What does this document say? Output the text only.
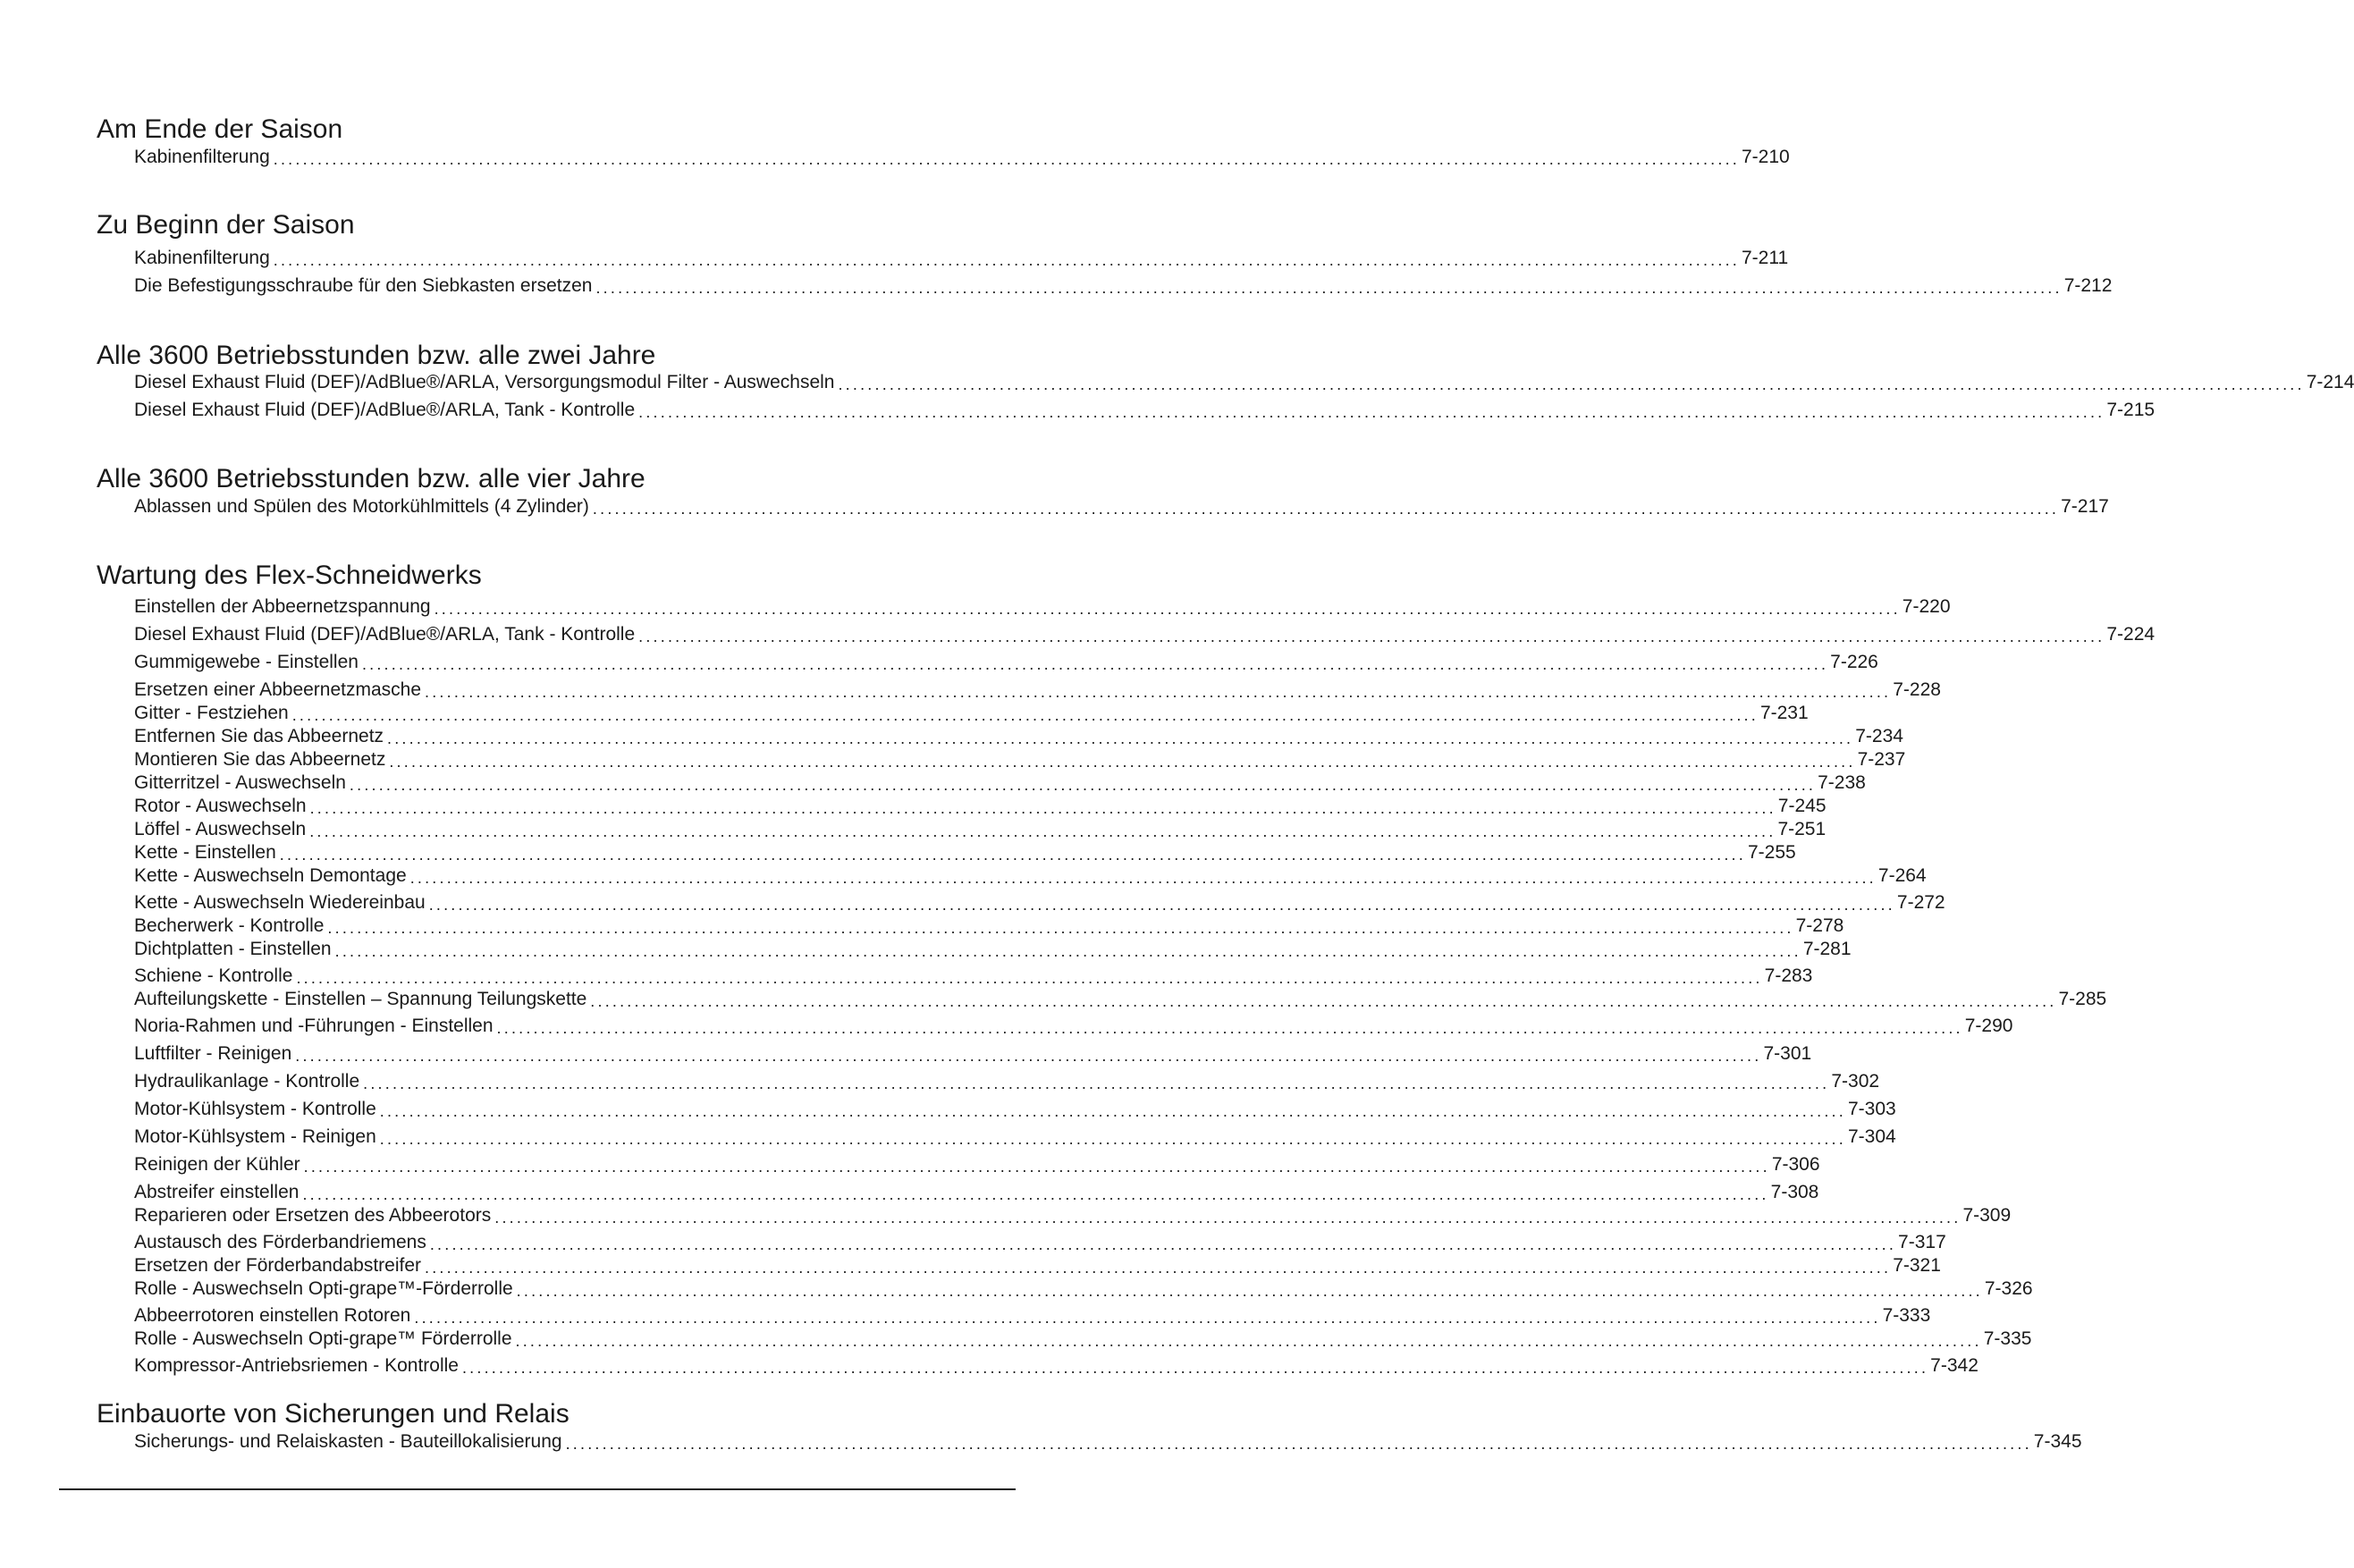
Am Ende der Saison
Kabinenfilterung ........................................................................................................................................................................................................ 7-210
Zu Beginn der Saison
Kabinenfilterung ........................................................................................................................................................................................................ 7-211
Die Befestigungsschraube für den Siebkasten ersetzen ........................................................................................................................................................................................................ 7-212
Alle 3600 Betriebsstunden bzw. alle zwei Jahre
Diesel Exhaust Fluid (DEF)/AdBlue®/ARLA, Versorgungsmodul Filter - Auswechseln ........................................................................................................................................................................................................ 7-214
Diesel Exhaust Fluid (DEF)/AdBlue®/ARLA, Tank - Kontrolle ........................................................................................................................................................................................................ 7-215
Alle 3600 Betriebsstunden bzw. alle vier Jahre
Ablassen und Spülen des Motorkühlmittels (4 Zylinder) ........................................................................................................................................................................................................ 7-217
Wartung des Flex-Schneidwerks
Einstellen der Abbeernetzspannung ........................................................................................................................................................................................................ 7-220
Diesel Exhaust Fluid (DEF)/AdBlue®/ARLA, Tank - Kontrolle ........................................................................................................................................................................................................ 7-224
Gummigewebe - Einstellen ........................................................................................................................................................................................................ 7-226
Ersetzen einer Abbeernetzmasche ........................................................................................................................................................................................................ 7-228
Gitter - Festziehen ........................................................................................................................................................................................................ 7-231
Entfernen Sie das Abbeernetz ........................................................................................................................................................................................................ 7-234
Montieren Sie das Abbeernetz ........................................................................................................................................................................................................ 7-237
Gitterritzel - Auswechseln ........................................................................................................................................................................................................ 7-238
Rotor - Auswechseln ........................................................................................................................................................................................................ 7-245
Löffel - Auswechseln ........................................................................................................................................................................................................ 7-251
Kette - Einstellen ........................................................................................................................................................................................................ 7-255
Kette - Auswechseln Demontage ........................................................................................................................................................................................................ 7-264
Kette - Auswechseln Wiedereinbau ........................................................................................................................................................................................................ 7-272
Becherwerk - Kontrolle ........................................................................................................................................................................................................ 7-278
Dichtplatten - Einstellen ........................................................................................................................................................................................................ 7-281
Schiene - Kontrolle ........................................................................................................................................................................................................ 7-283
Aufteilungskette - Einstellen – Spannung Teilungskette ........................................................................................................................................................................................................ 7-285
Noria-Rahmen und -Führungen - Einstellen ........................................................................................................................................................................................................ 7-290
Luftfilter - Reinigen ........................................................................................................................................................................................................ 7-301
Hydraulikanlage - Kontrolle ........................................................................................................................................................................................................ 7-302
Motor-Kühlsystem - Kontrolle ........................................................................................................................................................................................................ 7-303
Motor-Kühlsystem - Reinigen ........................................................................................................................................................................................................ 7-304
Reinigen der Kühler ........................................................................................................................................................................................................ 7-306
Abstreifer einstellen ........................................................................................................................................................................................................ 7-308
Reparieren oder Ersetzen des Abbeerotors ........................................................................................................................................................................................................ 7-309
Austausch des Förderbandriemens ........................................................................................................................................................................................................ 7-317
Ersetzen der Förderbandabstreifer ........................................................................................................................................................................................................ 7-321
Rolle - Auswechseln Opti-grape™-Förderrolle ........................................................................................................................................................................................................ 7-326
Abbeerrotoren einstellen Rotoren ........................................................................................................................................................................................................ 7-333
Rolle - Auswechseln Opti-grape™ Förderrolle ........................................................................................................................................................................................................ 7-335
Kompressor-Antriebsriemen - Kontrolle ........................................................................................................................................................................................................ 7-342
Einbauorte von Sicherungen und Relais
Sicherungs- und Relaiskasten - Bauteillokalisierung ........................................................................................................................................................................................................ 7-345
